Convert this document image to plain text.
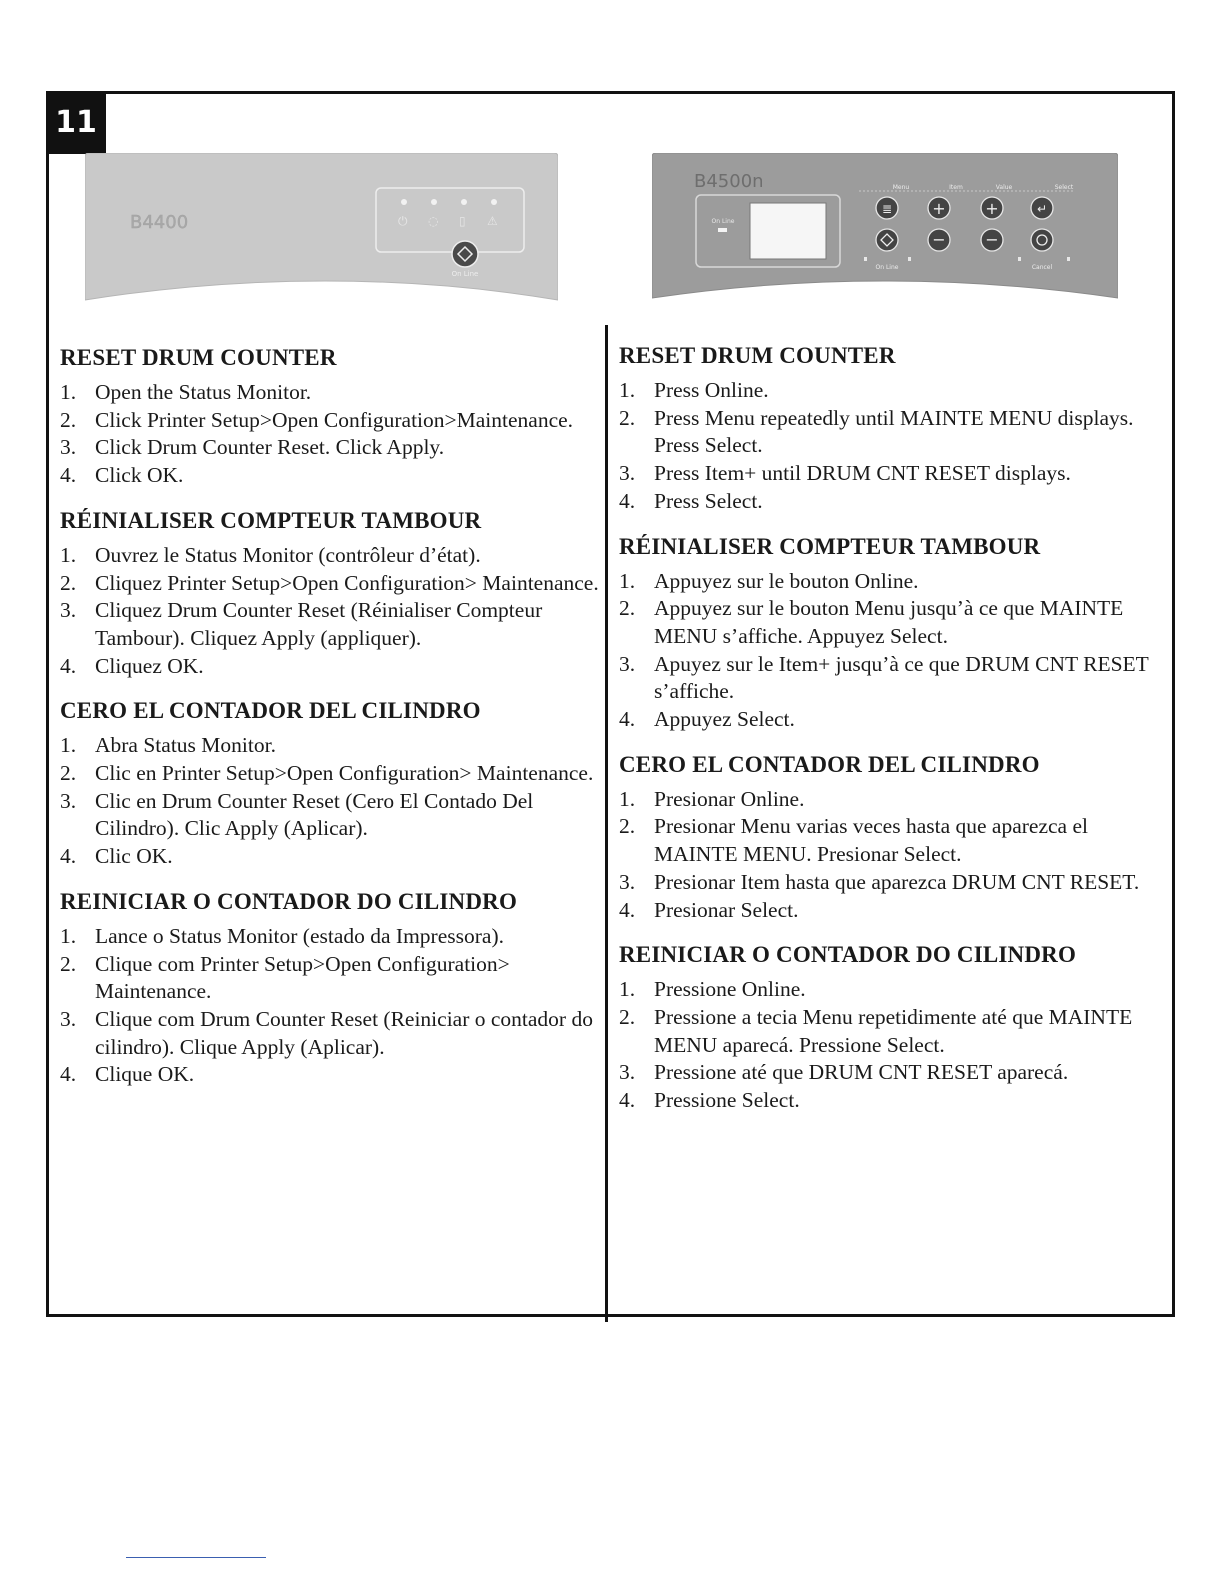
11
B4400	⏻ ◌ ▯ ⚠
On Line
B4500n
On Line
Menu	Item	Value	Select
≣	+ +	↵
− −
On Line	Cancel
RESET DRUM COUNTER
1. Open the Status Monitor.
2. Click Printer Setup>Open Configuration>Maintenance.
3. Click Drum Counter Reset. Click Apply.
4. Click OK.
RÉINIALISER COMPTEUR TAMBOUR
1. Ouvrez le Status Monitor (contrôleur d’état).
2. Cliquez Printer Setup>Open Configuration> Maintenance.
3. Cliquez Drum Counter Reset (Réinialiser Compteur Tambour). Cliquez Apply (appliquer).
4. Cliquez OK.
CERO EL CONTADOR DEL CILINDRO
1. Abra Status Monitor.
2. Clic en Printer Setup>Open Configuration> Maintenance.
3. Clic en Drum Counter Reset (Cero El Contado Del Cilindro). Clic Apply (Aplicar).
4. Clic OK.
REINICIAR O CONTADOR DO CILINDRO
1. Lance o Status Monitor (estado da Impressora).
2. Clique com Printer Setup>Open Configuration> Maintenance.
3. Clique com Drum Counter Reset (Reiniciar o contador do cilindro). Clique Apply (Aplicar).
4. Clique OK.
RESET DRUM COUNTER
1. Press Online.
2. Press Menu repeatedly until MAINTE MENU displays. Press Select.
3. Press Item+ until DRUM CNT RESET displays.
4. Press Select.
RÉINIALISER COMPTEUR TAMBOUR
1. Appuyez sur le bouton Online.
2. Appuyez sur le bouton Menu jusqu’à ce que MAINTE MENU s’affiche. Appuyez Select.
3. Apuyez sur le Item+ jusqu’à ce que DRUM CNT RESET s’affiche.
4. Appuyez Select.
CERO EL CONTADOR DEL CILINDRO
1. Presionar Online.
2. Presionar Menu varias veces hasta que aparezca el MAINTE MENU. Presionar Select.
3. Presionar Item hasta que aparezca DRUM CNT RESET.
4. Presionar Select.
REINICIAR O CONTADOR DO CILINDRO
1. Pressione Online.
2. Pressione a tecia Menu repetidimente até que MAINTE MENU aparecá. Pressione Select.
3. Pressione até que DRUM CNT RESET aparecá.
4. Pressione Select.
